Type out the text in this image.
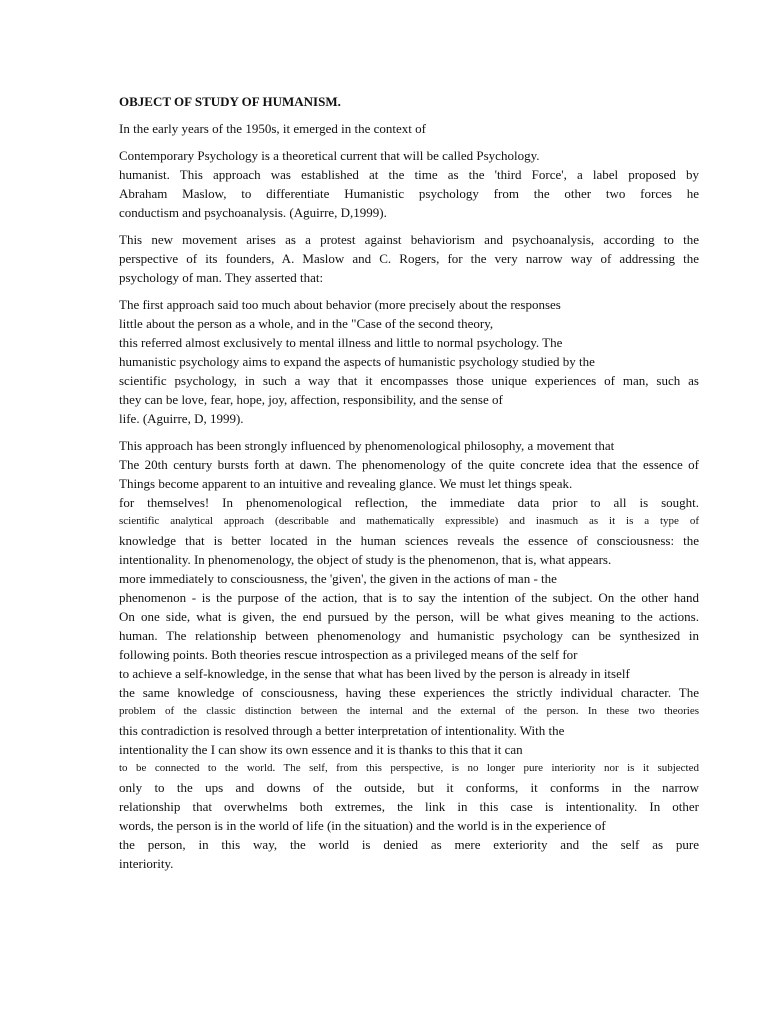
OBJECT OF STUDY OF HUMANISM.
In the early years of the 1950s, it emerged in the context of
Contemporary Psychology is a theoretical current that will be called Psychology.
humanist. This approach was established at the time as the 'third Force', a label proposed by
Abraham Maslow, to differentiate Humanistic psychology from the other two forces he
conductism and psychoanalysis. (Aguirre, D,1999).
This new movement arises as a protest against behaviorism and psychoanalysis, according to the
perspective of its founders, A. Maslow and C. Rogers, for the very narrow way of addressing the
psychology of man. They asserted that:
The first approach said too much about behavior (more precisely about the responses
little about the person as a whole, and in the "Case of the second theory,
this referred almost exclusively to mental illness and little to normal psychology. The
humanistic psychology aims to expand the aspects of humanistic psychology studied by the
scientific psychology, in such a way that it encompasses those unique experiences of man, such as
they can be love, fear, hope, joy, affection, responsibility, and the sense of
life. (Aguirre, D, 1999).
This approach has been strongly influenced by phenomenological philosophy, a movement that
The 20th century bursts forth at dawn. The phenomenology of the quite concrete idea that the essence of
Things become apparent to an intuitive and revealing glance. We must let things speak.
for themselves! In phenomenological reflection, the immediate data prior to all is sought.
scientific analytical approach (describable and mathematically expressible) and inasmuch as it is a type of
knowledge that is better located in the human sciences reveals the essence of consciousness: the
intentionality. In phenomenology, the object of study is the phenomenon, that is, what appears.
more immediately to consciousness, the 'given', the given in the actions of man - the
phenomenon - is the purpose of the action, that is to say the intention of the subject. On the other hand
On one side, what is given, the end pursued by the person, will be what gives meaning to the actions.
human. The relationship between phenomenology and humanistic psychology can be synthesized in
following points. Both theories rescue introspection as a privileged means of the self for
to achieve a self-knowledge, in the sense that what has been lived by the person is already in itself
the same knowledge of consciousness, having these experiences the strictly individual character. The
problem of the classic distinction between the internal and the external of the person. In these two theories
this contradiction is resolved through a better interpretation of intentionality. With the
intentionality the I can show its own essence and it is thanks to this that it can
to be connected to the world. The self, from this perspective, is no longer pure interiority nor is it subjected
only to the ups and downs of the outside, but it conforms, it conforms in the narrow
relationship that overwhelms both extremes, the link in this case is intentionality. In other
words, the person is in the world of life (in the situation) and the world is in the experience of
the person, in this way, the world is denied as mere exteriority and the self as pure
interiority.
